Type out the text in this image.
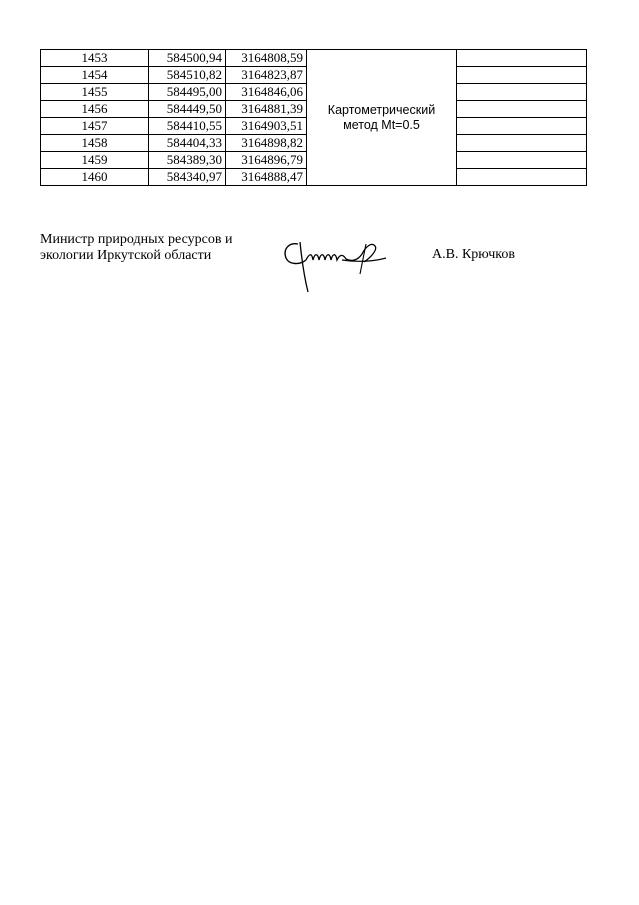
1453	584500,94	3164808,59	Картометрический
метод Mt=0.5	

1454	584510,82	3164823,87		
1455	584495,00	3164846,06		
1456	584449,50	3164881,39		
1457	584410,55	3164903,51		
1458	584404,33	3164898,82		
1459	584389,30	3164896,79		
1460	584340,97	3164888,47		
Министр природных ресурсов и
экологии Иркутской области	А.В. Крючков
